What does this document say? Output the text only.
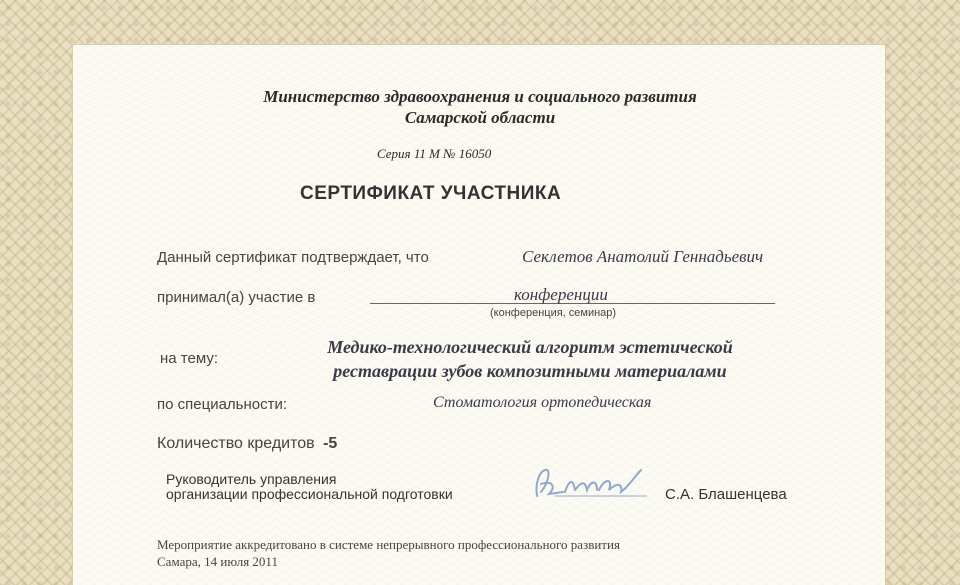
Министерство здравоохранения и социального развития
Самарской области
Серия 11 М № 16050
СЕРТИФИКАТ УЧАСТНИКА
Данный сертификат подтверждает, что	Секлетов Анатолий Геннадьевич
принимал(а) участие в	конференции
(конференция, семинар)
на тему:
Медико-технологический алгоритм эстетической
реставрации зубов композитными материалами
по специальности:	Стоматология ортопедическая
Количество кредитов -5
Руководитель управления
организации профессиональной подготовки	С.А. Блашенцева
Мероприятие аккредитовано в системе непрерывного профессионального развития
Самара, 14 июля 2011
